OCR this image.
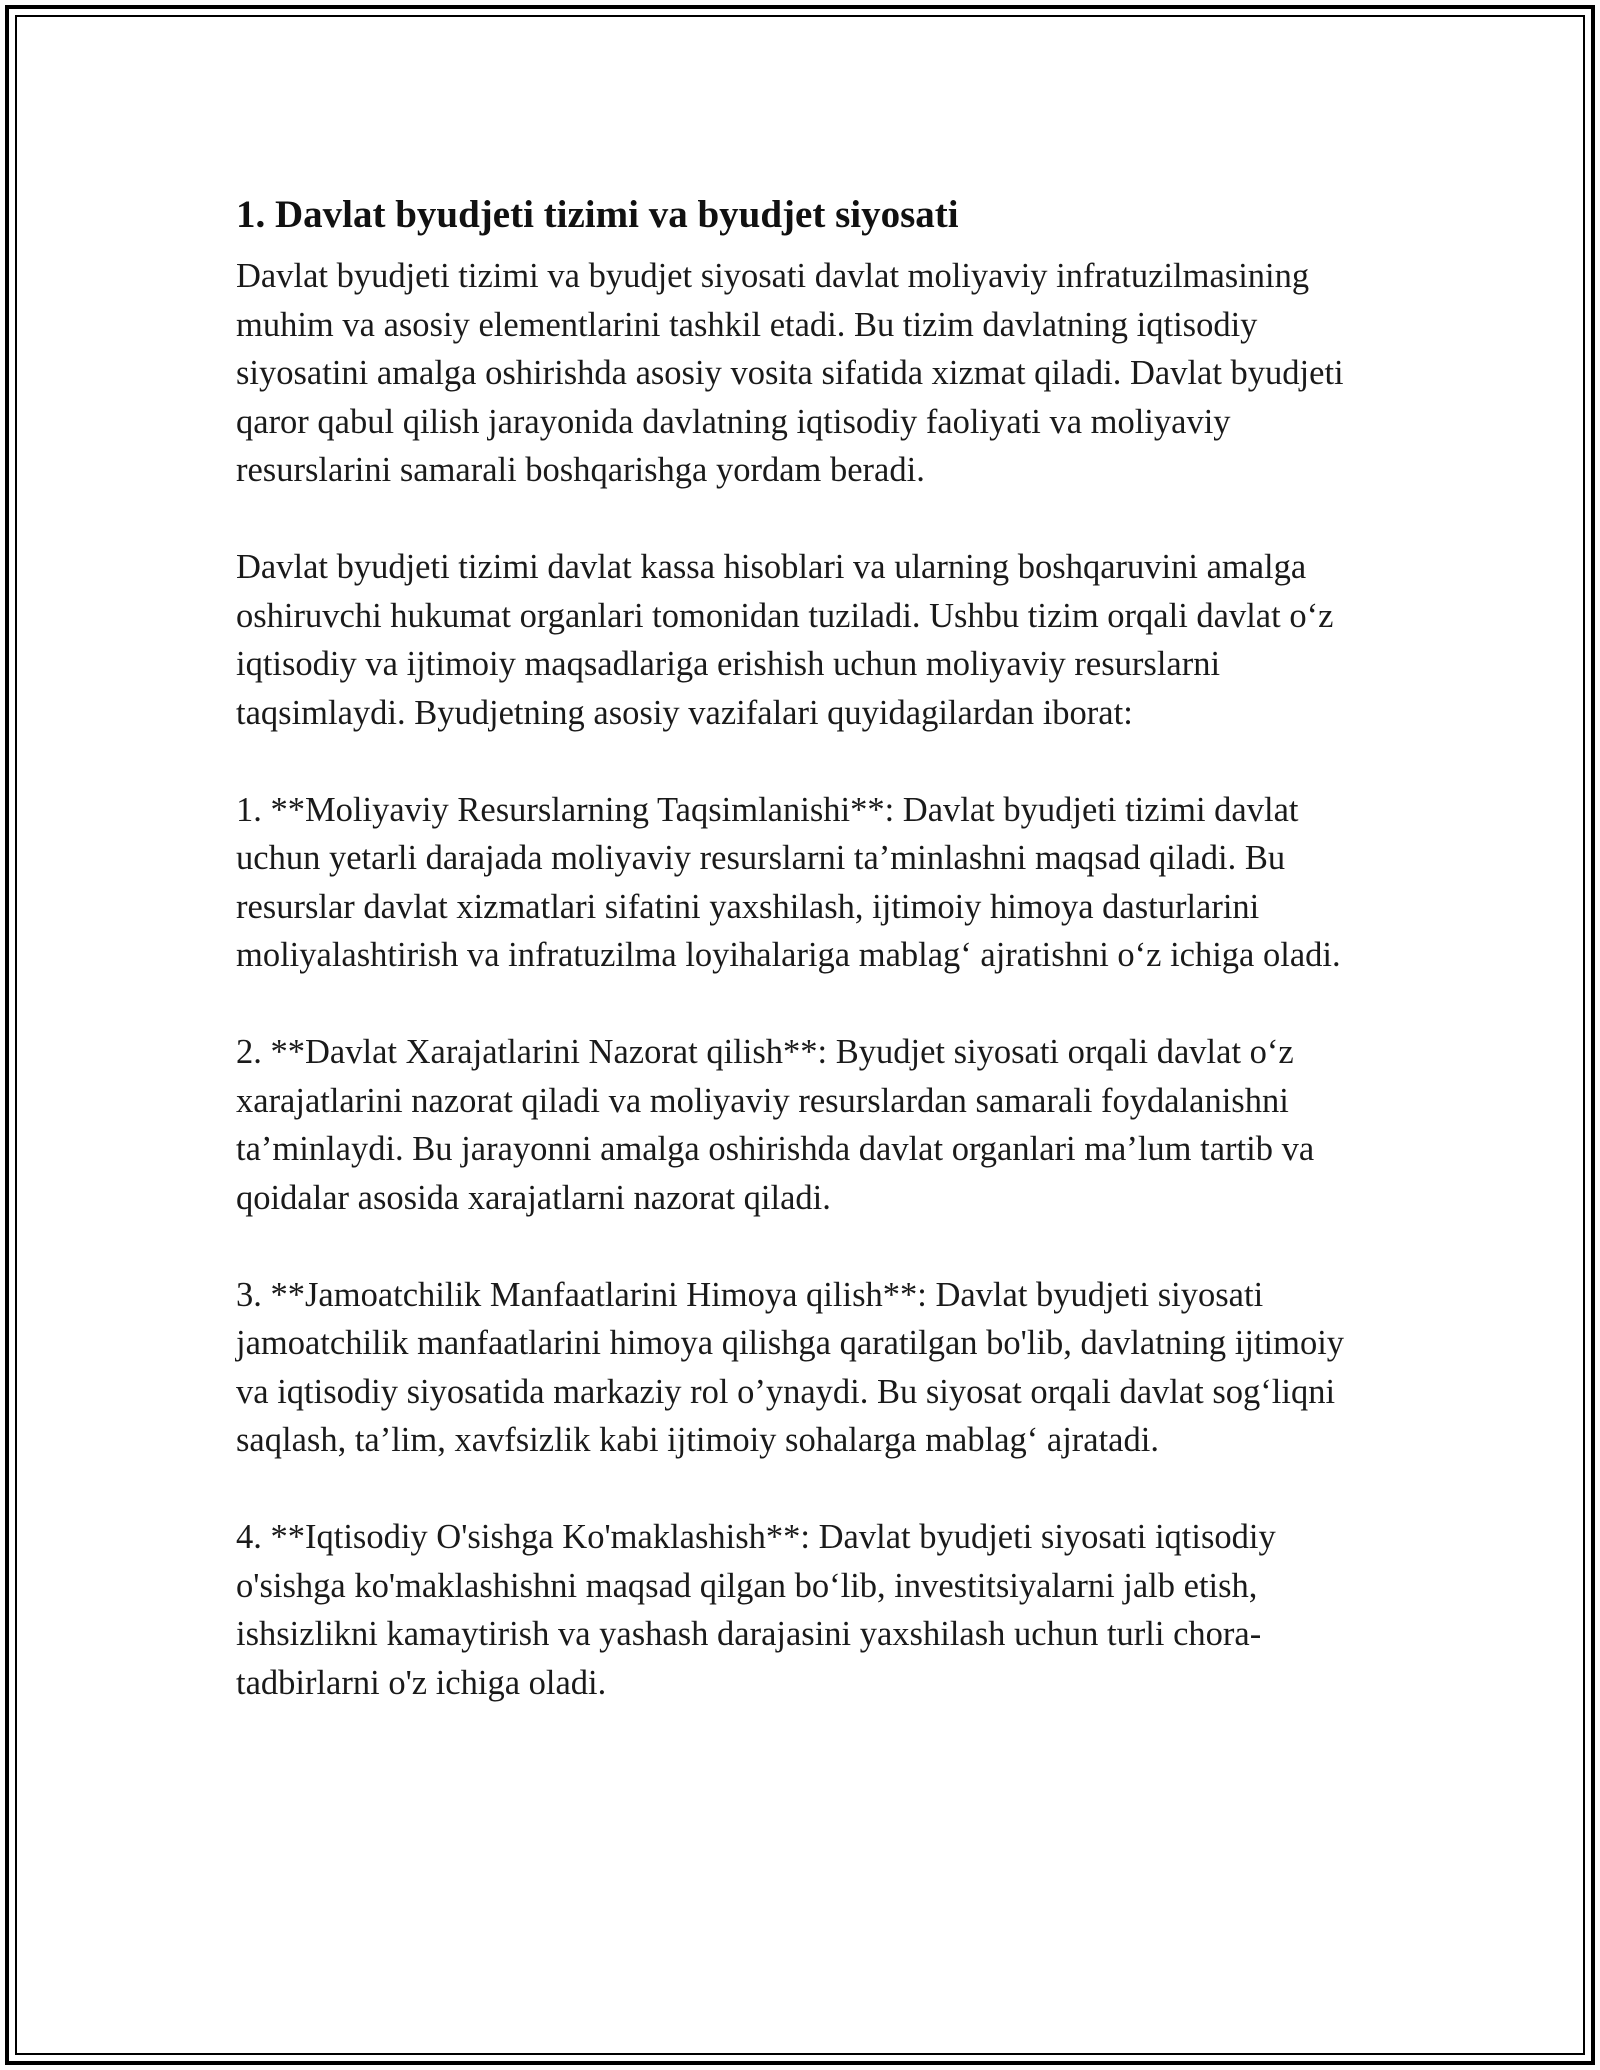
1. Davlat byudjeti tizimi va byudjet siyosati

Davlat byudjeti tizimi va byudjet siyosati davlat moliyaviy infratuzilmasining muhim va asosiy elementlarini tashkil etadi. Bu tizim davlatning iqtisodiy siyosatini amalga oshirishda asosiy vosita sifatida xizmat qiladi. Davlat byudjeti qaror qabul qilish jarayonida davlatning iqtisodiy faoliyati va moliyaviy resurslarini samarali boshqarishga yordam beradi.

Davlat byudjeti tizimi davlat kassa hisoblari va ularning boshqaruvini amalga oshiruvchi hukumat organlari tomonidan tuziladi. Ushbu tizim orqali davlat o‘z iqtisodiy va ijtimoiy maqsadlariga erishish uchun moliyaviy resurslarni taqsimlaydi. Byudjetning asosiy vazifalari quyidagilardan iborat:

1. **Moliyaviy Resurslarning Taqsimlanishi**: Davlat byudjeti tizimi davlat uchun yetarli darajada moliyaviy resurslarni ta’minlashni maqsad qiladi. Bu resurslar davlat xizmatlari sifatini yaxshilash, ijtimoiy himoya dasturlarini moliyalashtirish va infratuzilma loyihalariga mablag‘ ajratishni o‘z ichiga oladi.

2. **Davlat Xarajatlarini Nazorat qilish**: Byudjet siyosati orqali davlat o‘z xarajatlarini nazorat qiladi va moliyaviy resurslardan samarali foydalanishni ta’minlaydi. Bu jarayonni amalga oshirishda davlat organlari ma’lum tartib va qoidalar asosida xarajatlarni nazorat qiladi.

3. **Jamoatchilik Manfaatlarini Himoya qilish**: Davlat byudjeti siyosati jamoatchilik manfaatlarini himoya qilishga qaratilgan bo'lib, davlatning ijtimoiy va iqtisodiy siyosatida markaziy rol o’ynaydi. Bu siyosat orqali davlat sog‘liqni saqlash, ta’lim, xavfsizlik kabi ijtimoiy sohalarga mablag‘ ajratadi.

4. **Iqtisodiy O'sishga Ko'maklashish**: Davlat byudjeti siyosati iqtisodiy o'sishga ko'maklashishni maqsad qilgan bo‘lib, investitsiyalarni jalb etish, ishsizlikni kamaytirish va yashash darajasini yaxshilash uchun turli chora-tadbirlarni o'z ichiga oladi.
